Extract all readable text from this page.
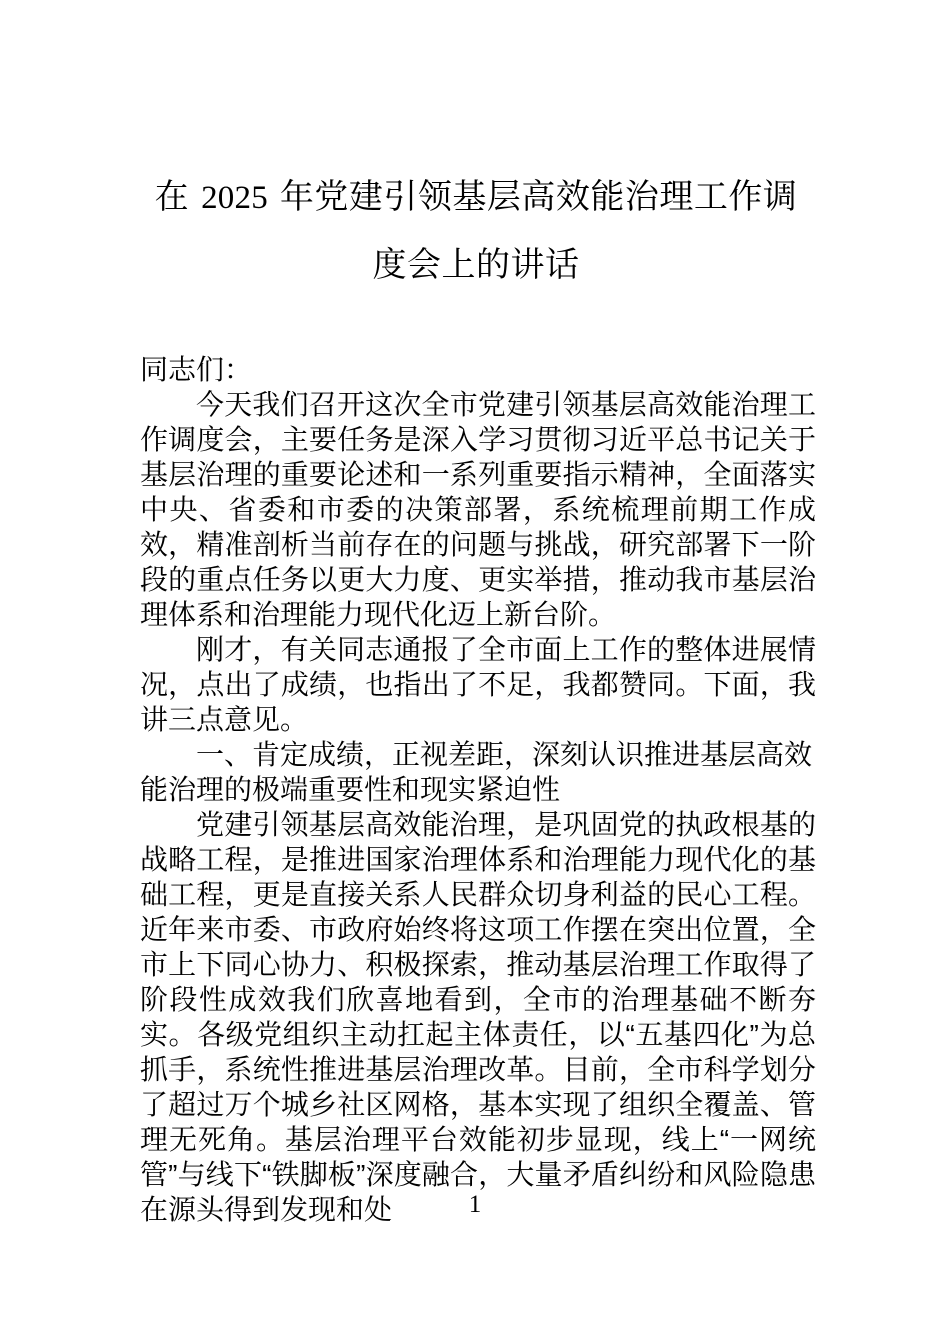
在 2025 年党建引领基层高效能治理工作调
度会上的讲话

同志们：

今天我们召开这次全市党建引领基层高效能治理工作调度会，主要任务是深入学习贯彻习近平总书记关于基层治理的重要论述和一系列重要指示精神，全面落实中央、省委和市委的决策部署，系统梳理前期工作成效，精准剖析当前存在的问题与挑战，研究部署下一阶段的重点任务以更大力度、更实举措，推动我市基层治理体系和治理能力现代化迈上新台阶。

刚才，有关同志通报了全市面上工作的整体进展情况，点出了成绩，也指出了不足，我都赞同。下面，我讲三点意见。

一、肯定成绩，正视差距，深刻认识推进基层高效能治理的极端重要性和现实紧迫性

党建引领基层高效能治理，是巩固党的执政根基的战略工程，是推进国家治理体系和治理能力现代化的基础工程，更是直接关系人民群众切身利益的民心工程。近年来市委、市政府始终将这项工作摆在突出位置，全市上下同心协力、积极探索，推动基层治理工作取得了阶段性成效我们欣喜地看到，全市的治理基础不断夯实。各级党组织主动扛起主体责任，以“五基四化”为总抓手，系统性推进基层治理改革。目前，全市科学划分了超过万个城乡社区网格，基本实现了组织全覆盖、管理无死角。基层治理平台效能初步显现，线上“一网统管”与线下“铁脚板”深度融合，大量矛盾纠纷和风险隐患在源头得到发现和处	1
